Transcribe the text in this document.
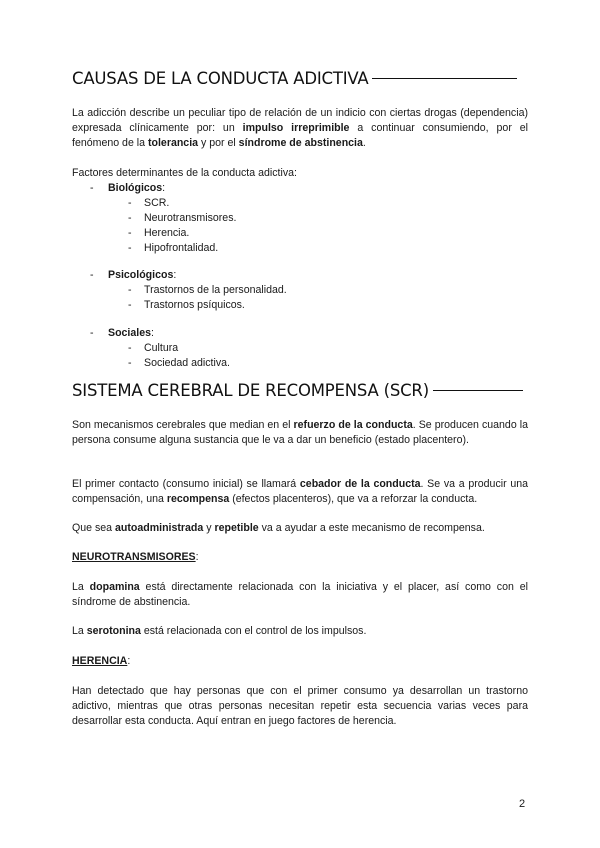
CAUSAS DE LA CONDUCTA ADICTIVA

La adicción describe un peculiar tipo de relación de un indicio con ciertas drogas (dependencia) expresada clínicamente por: un impulso irreprimible a continuar consumiendo, por el fenómeno de la tolerancia y por el síndrome de abstinencia.

Factores determinantes de la conducta adictiva:

- Biológicos:
- SCR.
- Neurotransmisores.
- Herencia.
- Hipofrontalidad.
- Psicológicos:
- Trastornos de la personalidad.
- Trastornos psíquicos.
- Sociales:
- Cultura
- Sociedad adictiva.
SISTEMA CEREBRAL DE RECOMPENSA (SCR)

Son mecanismos cerebrales que median en el refuerzo de la conducta. Se producen cuando la persona consume alguna sustancia que le va a dar un beneficio (estado placentero).

El primer contacto (consumo inicial) se llamará cebador de la conducta. Se va a producir una compensación, una recompensa (efectos placenteros), que va a reforzar la conducta.

Que sea autoadministrada y repetible va a ayudar a este mecanismo de recompensa.

NEUROTRANSMISORES:

La dopamina está directamente relacionada con la iniciativa y el placer, así como con el síndrome de abstinencia.

La serotonina está relacionada con el control de los impulsos.

HERENCIA:

Han detectado que hay personas que con el primer consumo ya desarrollan un trastorno adictivo, mientras que otras personas necesitan repetir esta secuencia varias veces para desarrollar esta conducta. Aquí entran en juego factores de herencia.

2
